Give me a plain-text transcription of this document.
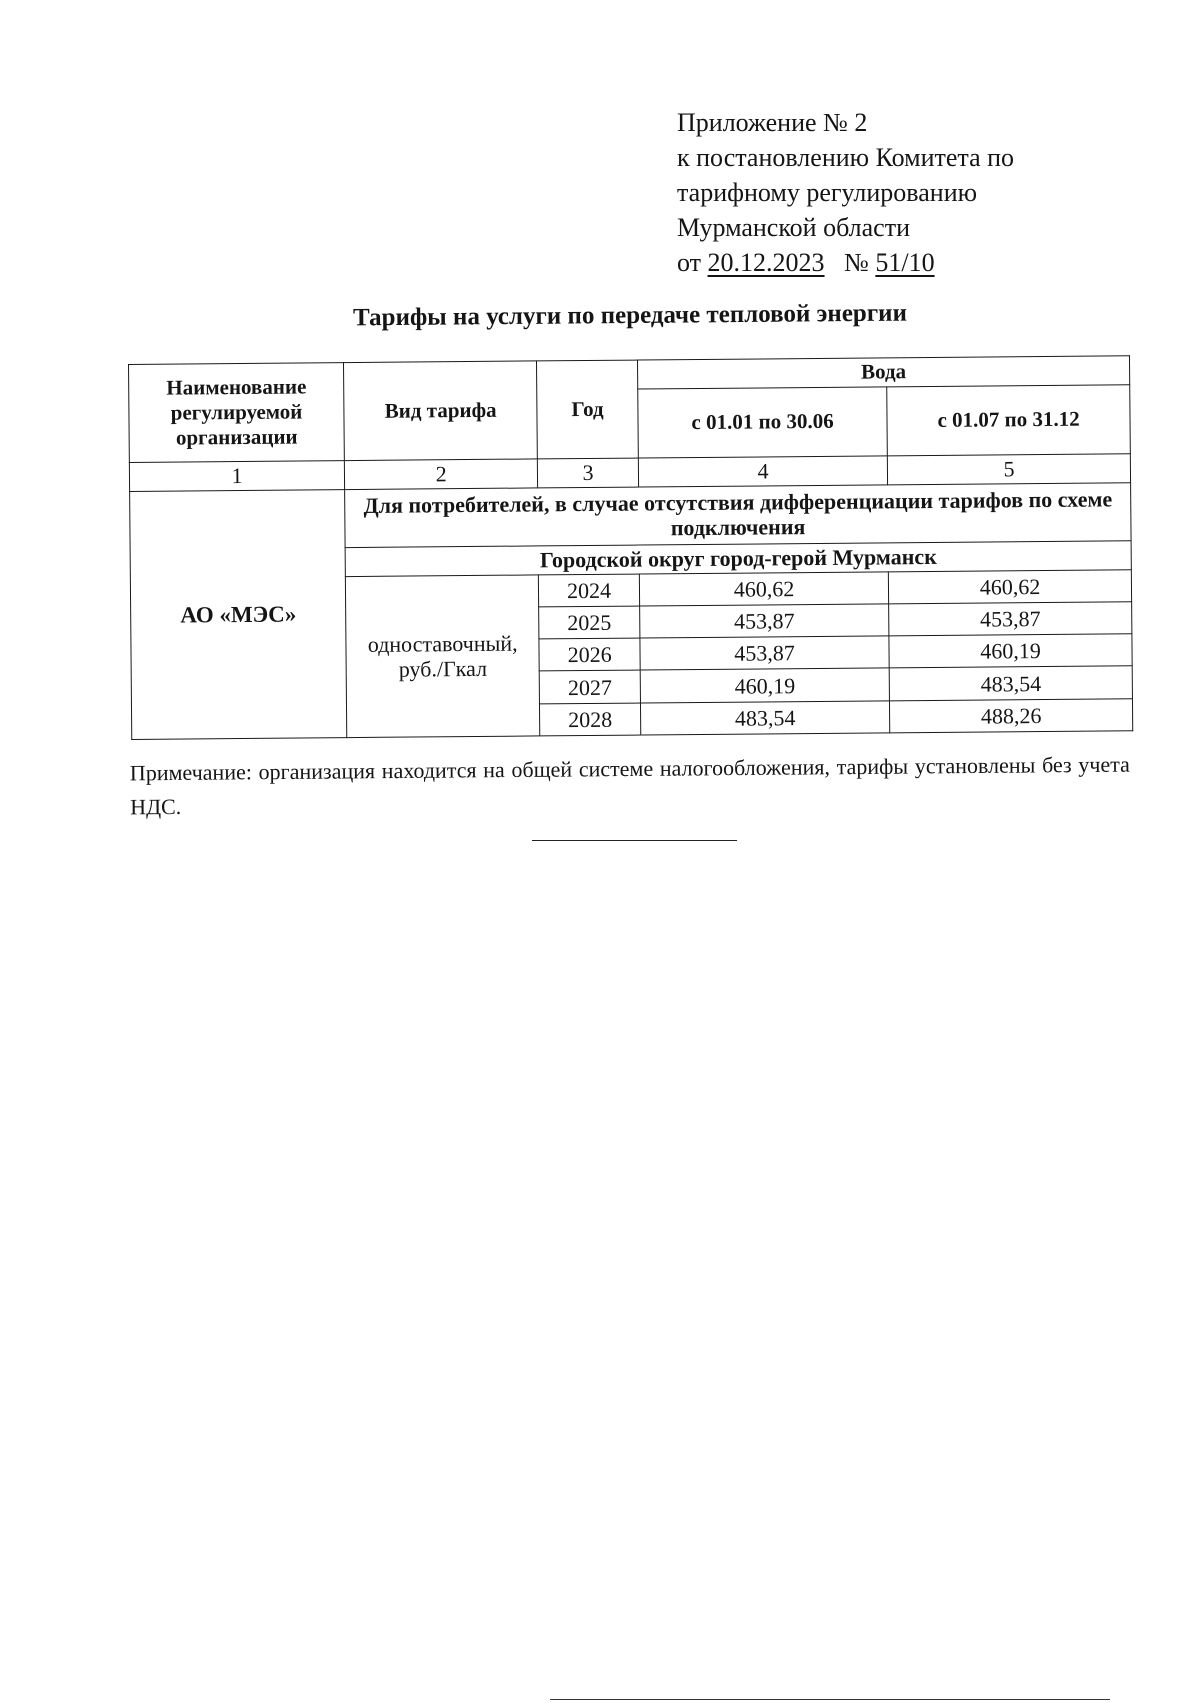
Приложение № 2
к постановлению Комитета по
тарифному регулированию
Мурманской области
от 20.12.2023 № 51/10
Тарифы на услуги по передаче тепловой энергии
Наименование регулируемой организации	Вид тарифа	Год	Вода	
			с 01.01 по 30.06	с 01.07 по 31.12
1	2	3	4	5
АО «МЭС»	Для потребителей, в случае отсутствия дифференциации тарифов по схеме подключения			
	Городской округ город-герой Мурманск			
	одноставочный, руб./Гкал	2024	460,62	460,62
		2025	453,87	453,87
		2026	453,87	460,19
		2027	460,19	483,54
		2028	483,54	488,26
Примечание: организация находится на общей системе налогообложения, тарифы установлены без учета НДС.
